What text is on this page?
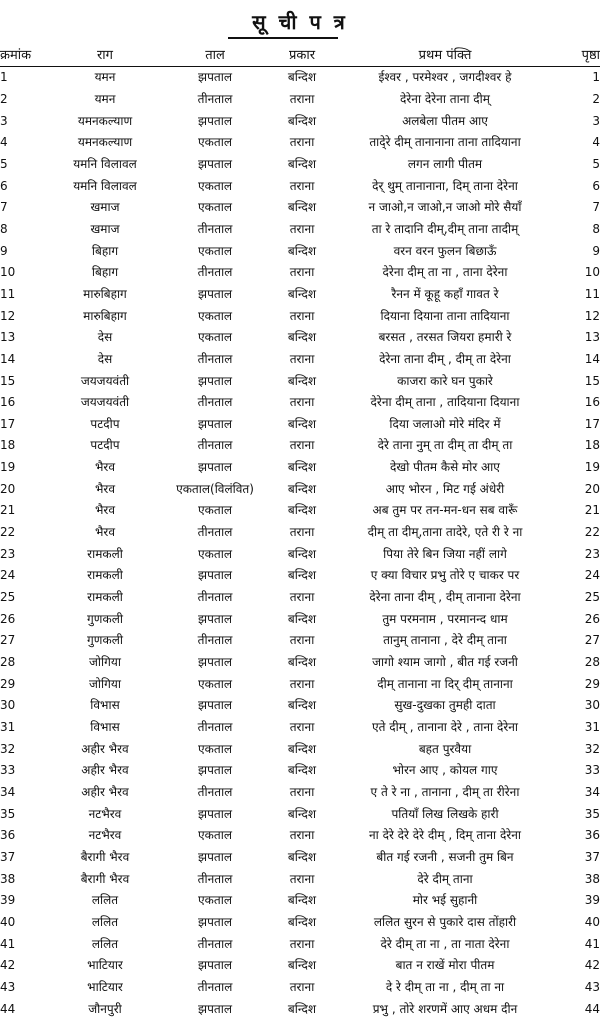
सू ची प त्र
क्रमांक	राग	ताल	प्रकार	प्रथम पंक्ति	पृष्ठा
1	यमन	झपताल	बन्दिश	ईश्वर , परमेश्वर , जगदीश्वर हे	1
2	यमन	तीनताल	तराना	देरेना देरेना ताना दीम्	2
3	यमनकल्याण	झपताल	बन्दिश	अलबेला पीतम आए	3
4	यमनकल्याण	एकताल	तराना	तादे्रे दीम् तानानाना ताना तादियाना	4
5	यमनि विलावल	झपताल	बन्दिश	लगन लागी पीतम	5
6	यमनि विलावल	एकताल	तराना	देर् थुम् तानानाना, दिम् ताना देरेना	6
7	खमाज	एकताल	बन्दिश	न जाओ,न जाओ,न जाओ मोरे सैयाँ	7
8	खमाज	तीनताल	तराना	ता रे तादानि दीम्,दीम् ताना तादीम्	8
9	बिहाग	एकताल	बन्दिश	वरन वरन फुलन बिछाऊँ	9
10	बिहाग	तीनताल	तराना	देरेना दीम् ता ना , ताना देरेना	10
11	मारुबिहाग	झपताल	बन्दिश	रैनन में कूहू कहाँ गावत रे	11
12	मारुबिहाग	एकताल	तराना	दियाना दियाना ताना तादियाना	12
13	देस	एकताल	बन्दिश	बरसत , तरसत जियरा हमारी रे	13
14	देस	तीनताल	तराना	देरेना ताना दीम् , दीम् ता देरेना	14
15	जयजयवंती	झपताल	बन्दिश	काजरा कारे घन पुकारे	15
16	जयजयवंती	तीनताल	तराना	देरेना दीम् ताना , तादियाना दियाना	16
17	पटदीप	झपताल	बन्दिश	दिया जलाओ मोरे मंदिर में	17
18	पटदीप	तीनताल	तराना	देरे ताना नुम् ता दीम् ता दीम् ता	18
19	भैरव	झपताल	बन्दिश	देखो पीतम कैसे मोर आए	19
20	भैरव	एकताल(विलंवित)	बन्दिश	आए भोरन , मिट गई अंधेरी	20
21	भैरव	एकताल	बन्दिश	अब तुम पर तन-मन-धन सब वारूँ	21
22	भैरव	तीनताल	तराना	दीम् ता दीम्,ताना तादेरे, एते री रे ना	22
23	रामकली	एकताल	बन्दिश	पिया तेरे बिन जिया नहीं लागे	23
24	रामकली	झपताल	बन्दिश	ए क्या विचार प्रभु तोरे ए चाकर पर	24
25	रामकली	तीनताल	तराना	देरेना ताना दीम् , दीम् तानाना देरेना	25
26	गुणकली	झपताल	बन्दिश	तुम परमनाम , परमानन्द धाम	26
27	गुणकली	तीनताल	तराना	तानुम् तानाना , देरे दीम् ताना	27
28	जोगिया	झपताल	बन्दिश	जागो श्याम जागो , बीत गई रजनी	28
29	जोगिया	एकताल	तराना	दीम् तानाना ना दिर् दीम् तानाना	29
30	विभास	झपताल	बन्दिश	सुख-दुखका तुमही दाता	30
31	विभास	तीनताल	तराना	एते दीम् , तानाना देरे , ताना देरेना	31
32	अहीर भैरव	एकताल	बन्दिश	बहत पुरवैया	32
33	अहीर भैरव	झपताल	बन्दिश	भोरन आए , कोयल गाए	33
34	अहीर भैरव	तीनताल	तराना	ए ते रे ना , तानाना , दीम् ता रीरेना	34
35	नटभैरव	झपताल	बन्दिश	पतियाँ लिख लिखके हारी	35
36	नटभैरव	एकताल	तराना	ना देरे देरे देरे दीम् , दिम् ताना देरेना	36
37	बैरागी भैरव	झपताल	बन्दिश	बीत गई रजनी , सजनी तुम बिन	37
38	बैरागी भैरव	तीनताल	तराना	देरे दीम् ताना	38
39	ललित	एकताल	बन्दिश	मोर भई सुहानी	39
40	ललित	झपताल	बन्दिश	ललित सुरन से पुकारे दास तोंहारी	40
41	ललित	तीनताल	तराना	देरे दीम् ता ना , ता नाता देरेना	41
42	भाटियार	झपताल	बन्दिश	बात न राखें मोरा पीतम	42
43	भाटियार	तीनताल	तराना	दे रे दीम् ता ना , दीम् ता ना	43
44	जौनपुरी	झपताल	बन्दिश	प्रभु , तोरे शरणमें आए अधम दीन	44
